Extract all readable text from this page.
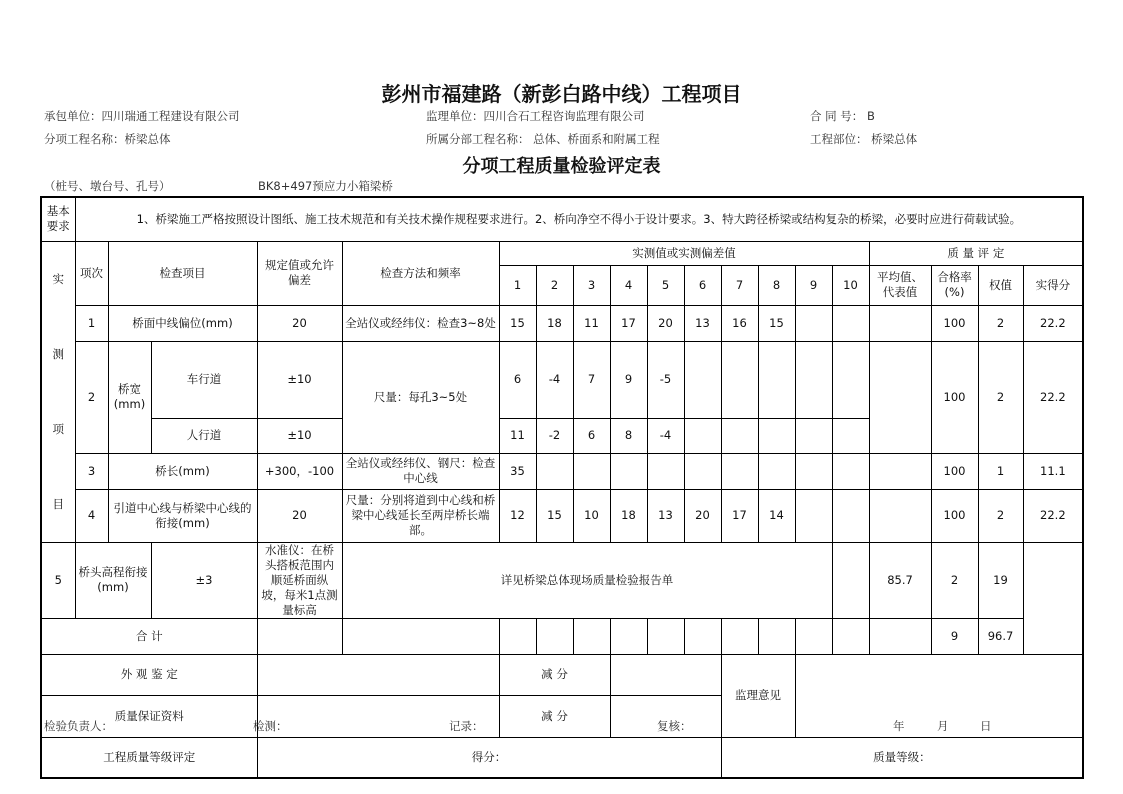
彭州市福建路（新彭白路中线）工程项目
承包单位：四川瑞通工程建设有限公司	监理单位：四川合石工程咨询监理有限公司	合 同 号： B
分项工程名称：桥梁总体	所属分部工程名称： 总体、桥面系和附属工程	工程部位： 桥梁总体
分项工程质量检验评定表
（桩号、墩台号、孔号）	BK8+497预应力小箱梁桥
基本要求	1、桥梁施工严格按照设计图纸、施工技术规范和有关技术操作规程要求进行。2、桥向净空不得小于设计要求。3、特大跨径桥梁或结构复杂的桥梁，必要时应进行荷载试验。																		

实
测
项
目	项次	检查项目		规定值或允许偏差	检查方法和频率	实测值或实测偏差值										质 量 评 定			
						1	2	3	4	5	6	7	8	9	10	平均值、代表值	合格率(%)	权值	实得分
	1	桥面中线偏位(mm)		20	全站仪或经纬仪：检查3~8处	15	18	11	17	20	13	16	15				100	2	22.2
	2	桥宽(mm)	车行道	±10	尺量：每孔3~5处	6	-4	7	9	-5							100	2	22.2
			人行道	±10		11	-2	6	8	-4									
	3	桥长(mm)		+300，-100	全站仪或经纬仪、钢尺：检查中心线	35											100	1	11.1
	4	引道中心线与桥梁中心线的衔接(mm)		20	尺量：分别将道到中心线和桥梁中心线延长至两岸桥长端部。	12	15	10	18	13	20	17	14				100	2	22.2
5	桥头高程衔接(mm)		±3	水准仪：在桥头搭板范围内顺延桥面纵坡，每米1点测量标高	详见桥梁总体现场质量检验报告单											85.7	2	19	
合 计																	9	96.7	
外 观 鉴 定						减 分						监理意见							
质量保证资料						减 分													
工程质量等级评定				得分：								质量等级：							
检验负责人：	检测：	记录：	复核：	年	月	日
